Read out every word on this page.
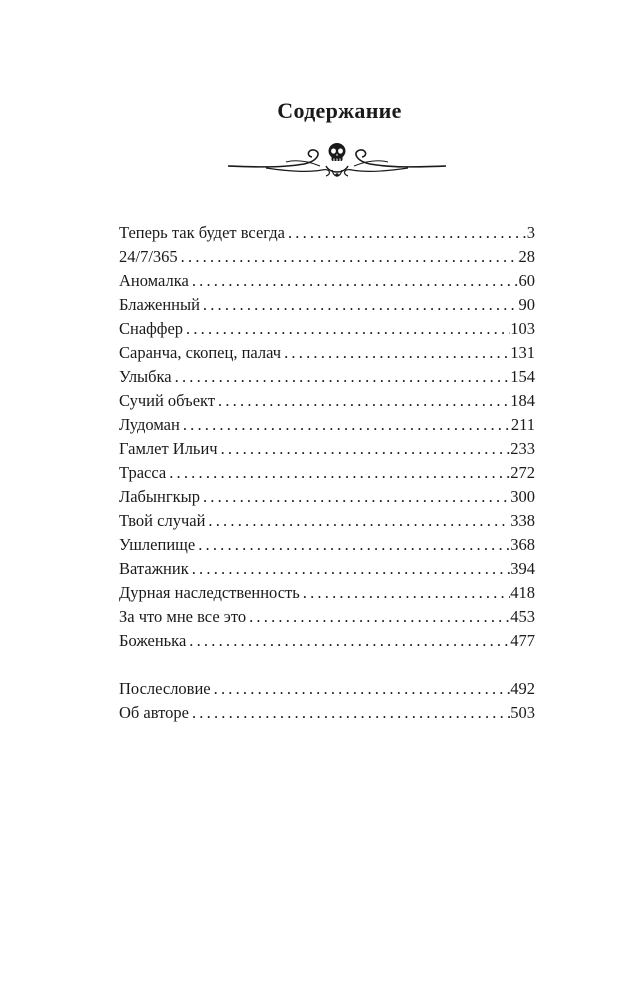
Содержание
Теперь так будет всегда .....	3
24/7/365 .....	28
Аномалка .....	60
Блаженный .....	90
Снаффер .....	103
Саранча, скопец, палач .....	131
Улыбка .....	154
Сучий объект .....	184
Лудоман .....	211
Гамлет Ильич .....	233
Трасса .....	272
Лабынгкыр .....	300
Твой случай .....	338
Ушлепище .....	368
Ватажник .....	394
Дурная наследственность .....	418
За что мне все это .....	453
Боженька .....	477
Послесловие .....	492
Об авторе .....	503
